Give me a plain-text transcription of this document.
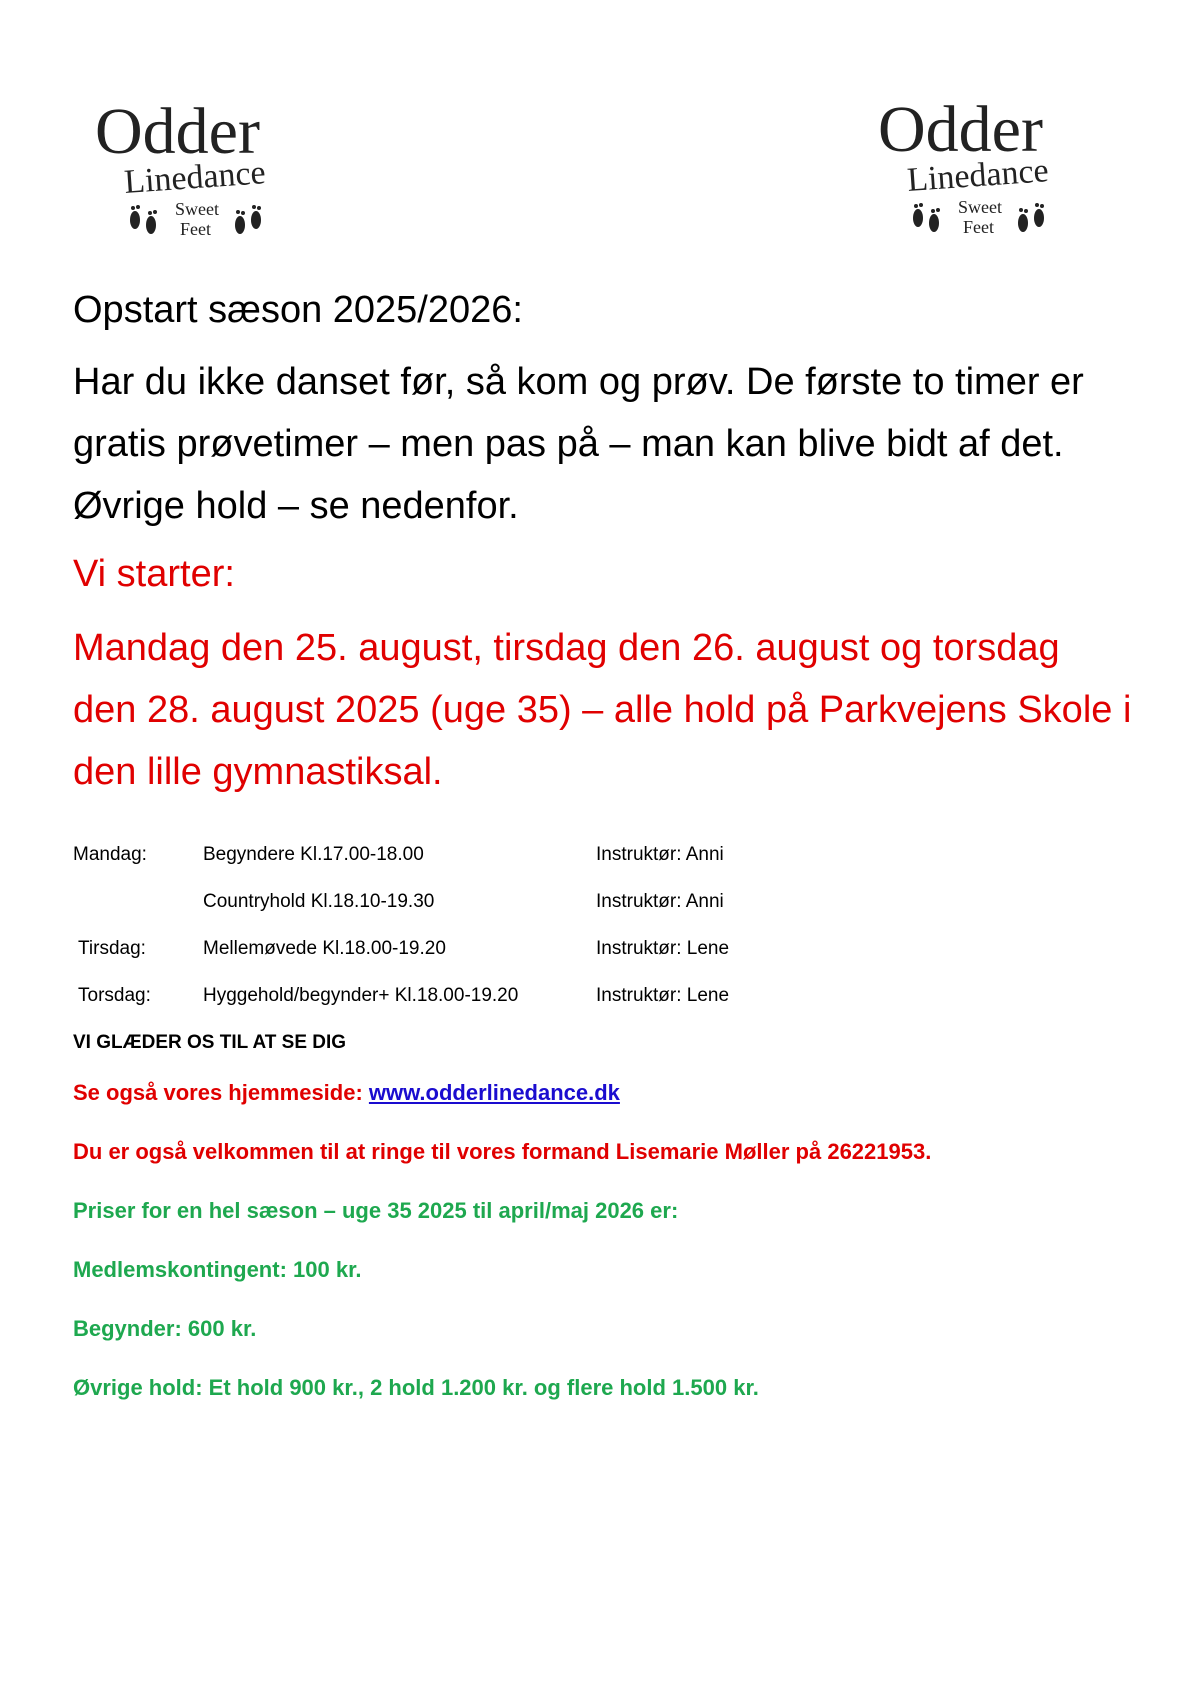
Odder
Linedance
Sweet
Feet
Odder
Linedance
Sweet
Feet

Opstart sæson 2025/2026:

Har du ikke danset før, så kom og prøv. De første to timer er gratis prøvetimer – men pas på – man kan blive bidt af det. Øvrige hold – se nedenfor.

Vi starter:

Mandag den 25. august, tirsdag den 26. august og torsdag den 28. august 2025 (uge 35) – alle hold på Parkvejens Skole i den lille gymnastiksal.

Mandag:	Begyndere Kl.17.00-18.00	Instruktør: Anni
	Countryhold Kl.18.10-19.30	Instruktør: Anni
Tirsdag:	Mellemøvede Kl.18.00-19.20	Instruktør: Lene
Torsdag:	Hyggehold/begynder+ Kl.18.00-19.20	Instruktør: Lene

VI GLÆDER OS TIL AT SE DIG

Se også vores hjemmeside: www.odderlinedance.dk

Du er også velkommen til at ringe til vores formand Lisemarie Møller på 26221953.

Priser for en hel sæson – uge 35 2025 til april/maj 2026 er:

Medlemskontingent: 100 kr.

Begynder: 600 kr.

Øvrige hold: Et hold 900 kr., 2 hold 1.200 kr. og flere hold 1.500 kr.
